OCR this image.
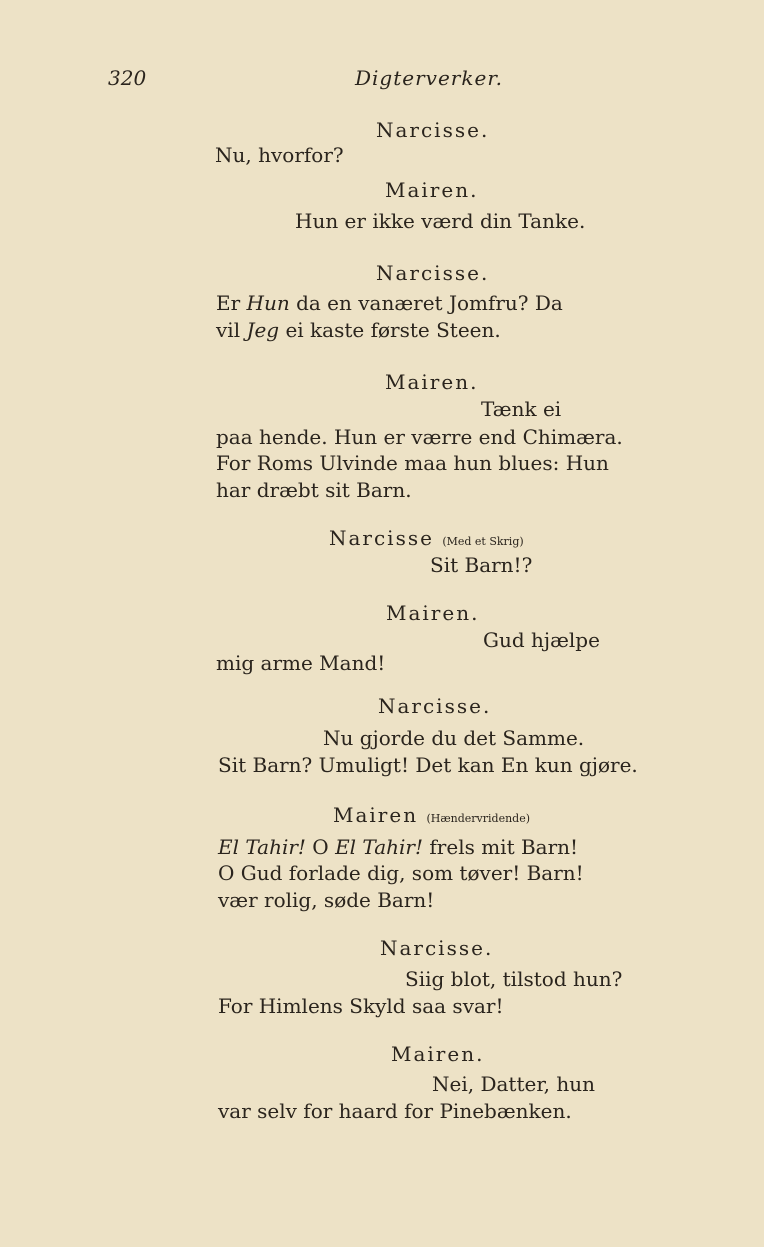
320	Digterverker.
Narcisse.
Nu, hvorfor?
Mairen.
Hun er ikke værd din Tanke.
Narcisse.
Er Hun da en vanæret Jomfru? Da
vil Jeg ei kaste første Steen.
Mairen.
Tænk ei
paa hende. Hun er værre end Chimæra.
For Roms Ulvinde maa hun blues: Hun
har dræbt sit Barn.
Narcisse (Med et Skrig)
Sit Barn!?
Mairen.
Gud hjælpe
mig arme Mand!
Narcisse.
Nu gjorde du det Samme.
Sit Barn? Umuligt! Det kan En kun gjøre.
Mairen (Hændervridende)
El Tahir! O El Tahir! frels mit Barn!
O Gud forlade dig, som tøver! Barn!
vær rolig, søde Barn!
Narcisse.
Siig blot, tilstod hun?
For Himlens Skyld saa svar!
Mairen.
Nei, Datter, hun
var selv for haard for Pinebænken.
